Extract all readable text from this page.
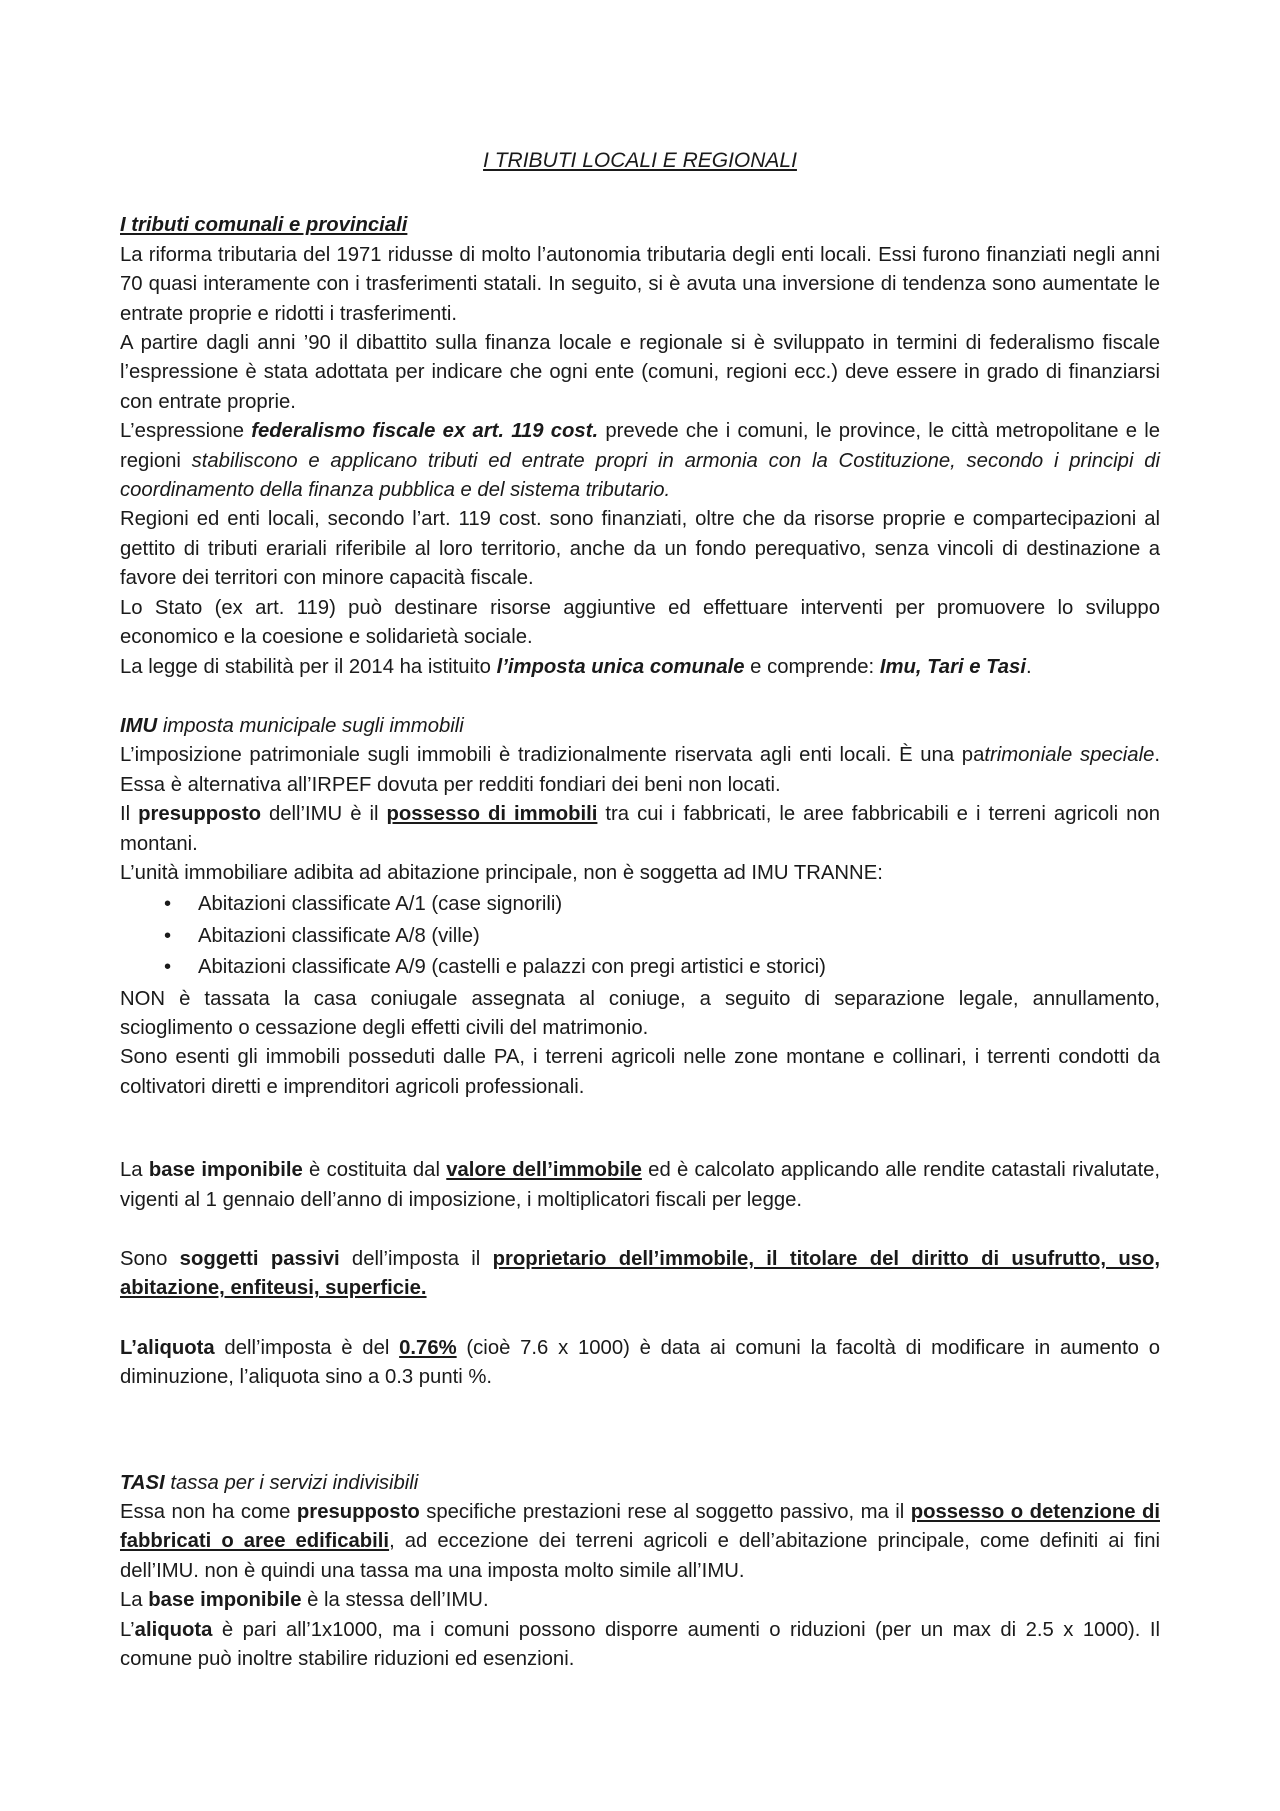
I TRIBUTI LOCALI E REGIONALI

I tributi comunali e provinciali

La riforma tributaria del 1971 ridusse di molto l’autonomia tributaria degli enti locali. Essi furono finanziati negli anni 70 quasi interamente con i trasferimenti statali. In seguito, si è avuta una inversione di tendenza sono aumentate le entrate proprie e ridotti i trasferimenti.

A partire dagli anni ’90 il dibattito sulla finanza locale e regionale si è sviluppato in termini di federalismo fiscale l’espressione è stata adottata per indicare che ogni ente (comuni, regioni ecc.) deve essere in grado di finanziarsi con entrate proprie.

L’espressione federalismo fiscale ex art. 119 cost. prevede che i comuni, le province, le città metropolitane e le regioni stabiliscono e applicano tributi ed entrate propri in armonia con la Costituzione, secondo i principi di coordinamento della finanza pubblica e del sistema tributario.

Regioni ed enti locali, secondo l’art. 119 cost. sono finanziati, oltre che da risorse proprie e compartecipazioni al gettito di tributi erariali riferibile al loro territorio, anche da un fondo perequativo, senza vincoli di destinazione a favore dei territori con minore capacità fiscale.

Lo Stato (ex art. 119) può destinare risorse aggiuntive ed effettuare interventi per promuovere lo sviluppo economico e la coesione e solidarietà sociale.

La legge di stabilità per il 2014 ha istituito l’imposta unica comunale e comprende: Imu, Tari e Tasi.

IMU imposta municipale sugli immobili

L’imposizione patrimoniale sugli immobili è tradizionalmente riservata agli enti locali. È una patrimoniale speciale. Essa è alternativa all’IRPEF dovuta per redditi fondiari dei beni non locati.

Il presupposto dell’IMU è il possesso di immobili tra cui i fabbricati, le aree fabbricabili e i terreni agricoli non montani.

L’unità immobiliare adibita ad abitazione principale, non è soggetta ad IMU TRANNE:

• Abitazioni classificate A/1 (case signorili)
• Abitazioni classificate A/8 (ville)
• Abitazioni classificate A/9 (castelli e palazzi con pregi artistici e storici)

NON è tassata la casa coniugale assegnata al coniuge, a seguito di separazione legale, annullamento, scioglimento o cessazione degli effetti civili del matrimonio.

Sono esenti gli immobili posseduti dalle PA, i terreni agricoli nelle zone montane e collinari, i terrenti condotti da coltivatori diretti e imprenditori agricoli professionali.

La base imponibile è costituita dal valore dell’immobile ed è calcolato applicando alle rendite catastali rivalutate, vigenti al 1 gennaio dell’anno di imposizione, i moltiplicatori fiscali per legge.

Sono soggetti passivi dell’imposta il proprietario dell’immobile, il titolare del diritto di usufrutto, uso, abitazione, enfiteusi, superficie.

L’aliquota dell’imposta è del 0.76% (cioè 7.6 x 1000) è data ai comuni la facoltà di modificare in aumento o diminuzione, l’aliquota sino a 0.3 punti %.

TASI tassa per i servizi indivisibili

Essa non ha come presupposto specifiche prestazioni rese al soggetto passivo, ma il possesso o detenzione di fabbricati o aree edificabili, ad eccezione dei terreni agricoli e dell’abitazione principale, come definiti ai fini dell’IMU. non è quindi una tassa ma una imposta molto simile all’IMU.

La base imponibile è la stessa dell’IMU.

L’aliquota è pari all’1x1000, ma i comuni possono disporre aumenti o riduzioni (per un max di 2.5 x 1000). Il comune può inoltre stabilire riduzioni ed esenzioni.
